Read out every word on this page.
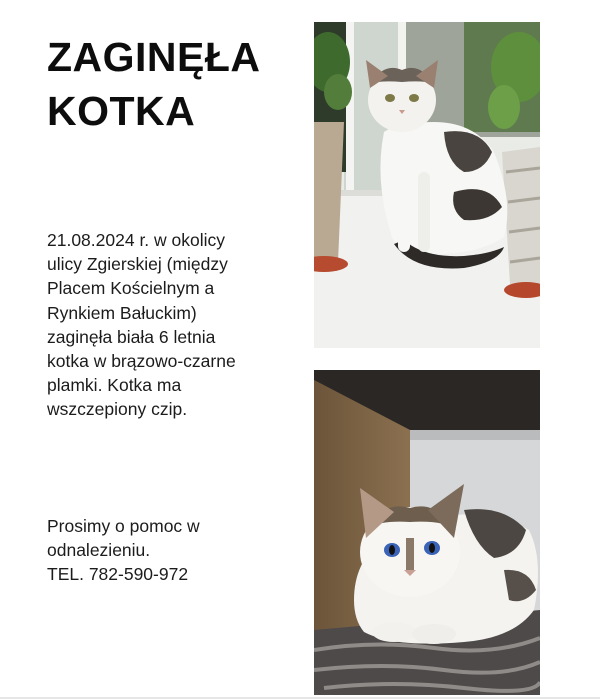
ZAGINĘŁA
KOTKA

21.08.2024 r. w okolicy
ulicy Zgierskiej (między
Placem Kościelnym a
Rynkiem Bałuckim)
zaginęła biała 6 letnia
kotka w brązowo-czarne
plamki. Kotka ma
wszczepiony czip.

Prosimy o pomoc w
odnalezieniu.
TEL. 782-590-972
